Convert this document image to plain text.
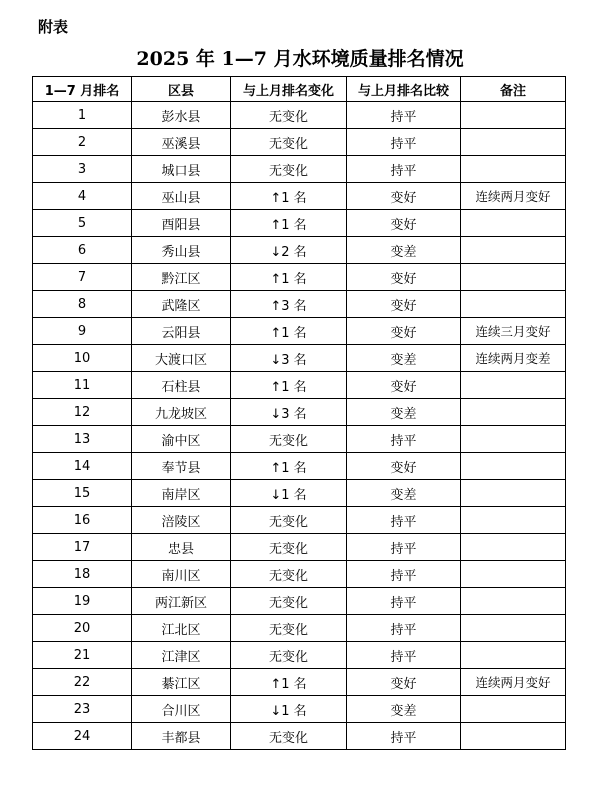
附表
2025 年 1—7 月水环境质量排名情况
1—7 月排名	区县	与上月排名变化	与上月排名比较	备注
1	彭水县	无变化	持平	
2	巫溪县	无变化	持平	
3	城口县	无变化	持平	
4	巫山县	↑1 名	变好	连续两月变好
5	酉阳县	↑1 名	变好	
6	秀山县	↓2 名	变差	
7	黔江区	↑1 名	变好	
8	武隆区	↑3 名	变好	
9	云阳县	↑1 名	变好	连续三月变好
10	大渡口区	↓3 名	变差	连续两月变差
11	石柱县	↑1 名	变好	
12	九龙坡区	↓3 名	变差	
13	渝中区	无变化	持平	
14	奉节县	↑1 名	变好	
15	南岸区	↓1 名	变差	
16	涪陵区	无变化	持平	
17	忠县	无变化	持平	
18	南川区	无变化	持平	
19	两江新区	无变化	持平	
20	江北区	无变化	持平	
21	江津区	无变化	持平	
22	綦江区	↑1 名	变好	连续两月变好
23	合川区	↓1 名	变差	
24	丰都县	无变化	持平	
